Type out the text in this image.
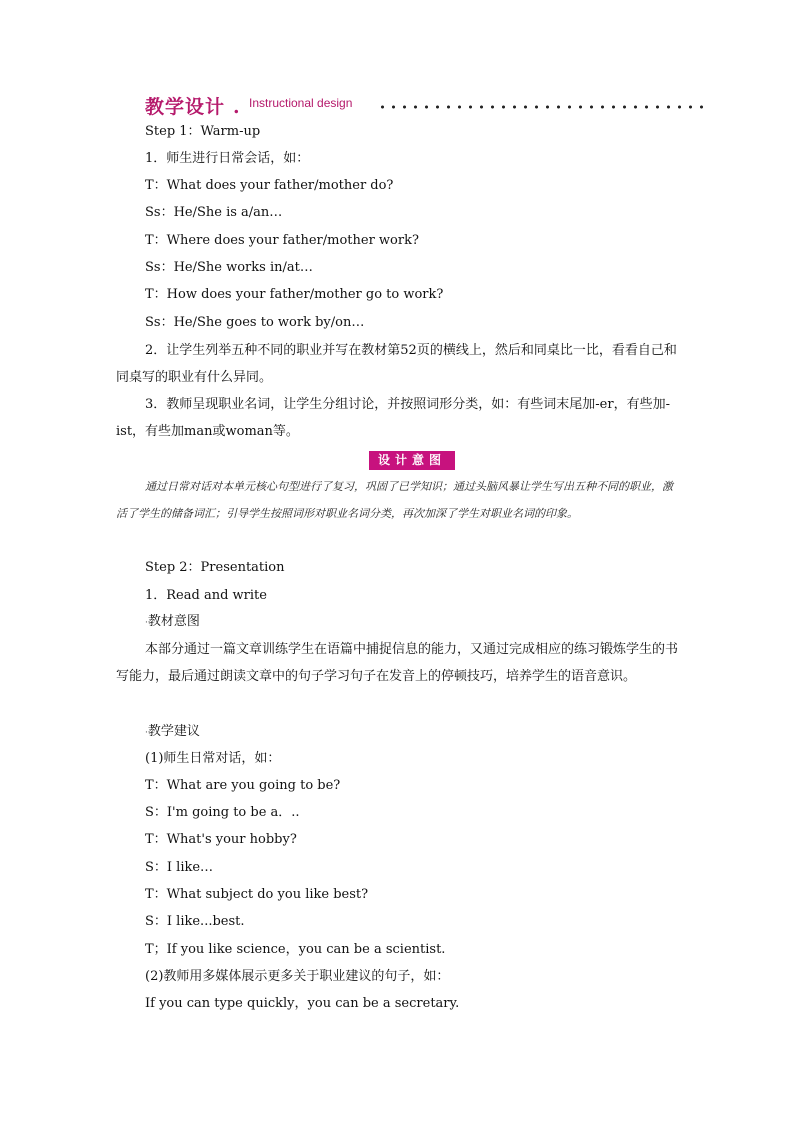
教学设计 . Instructional design
Step 1：Warm-up
1．师生进行日常会话，如：
T：What does your father/mother do?
Ss：He/She is a/an…
T：Where does your father/mother work?
Ss：He/She works in/at…
T：How does your father/mother go to work?
Ss：He/She goes to work by/on…
2．让学生列举五种不同的职业并写在教材第52页的横线上，然后和同桌比一比，看看自己和同桌写的职业有什么异同。
3．教师呈现职业名词，让学生分组讨论，并按照词形分类，如：有些词末尾加-er，有些加-ist，有些加man或woman等。
设计意图
通过日常对话对本单元核心句型进行了复习，巩固了已学知识；通过头脑风暴让学生写出五种不同的职业，激活了学生的储备词汇；引导学生按照词形对职业名词分类，再次加深了学生对职业名词的印象。
Step 2：Presentation
1．Read and write
·教材意图
本部分通过一篇文章训练学生在语篇中捕捉信息的能力，又通过完成相应的练习锻炼学生的书写能力，最后通过朗读文章中的句子学习句子在发音上的停顿技巧，培养学生的语音意识。
·教学建议
(1)师生日常对话，如：
T：What are you going to be?
S：I'm going to be a．..
T：What's your hobby?
S：I like…
T：What subject do you like best?
S：I like...best.
T；If you like science，you can be a scientist.
(2)教师用多媒体展示更多关于职业建议的句子，如：
If you can type quickly，you can be a secretary.
